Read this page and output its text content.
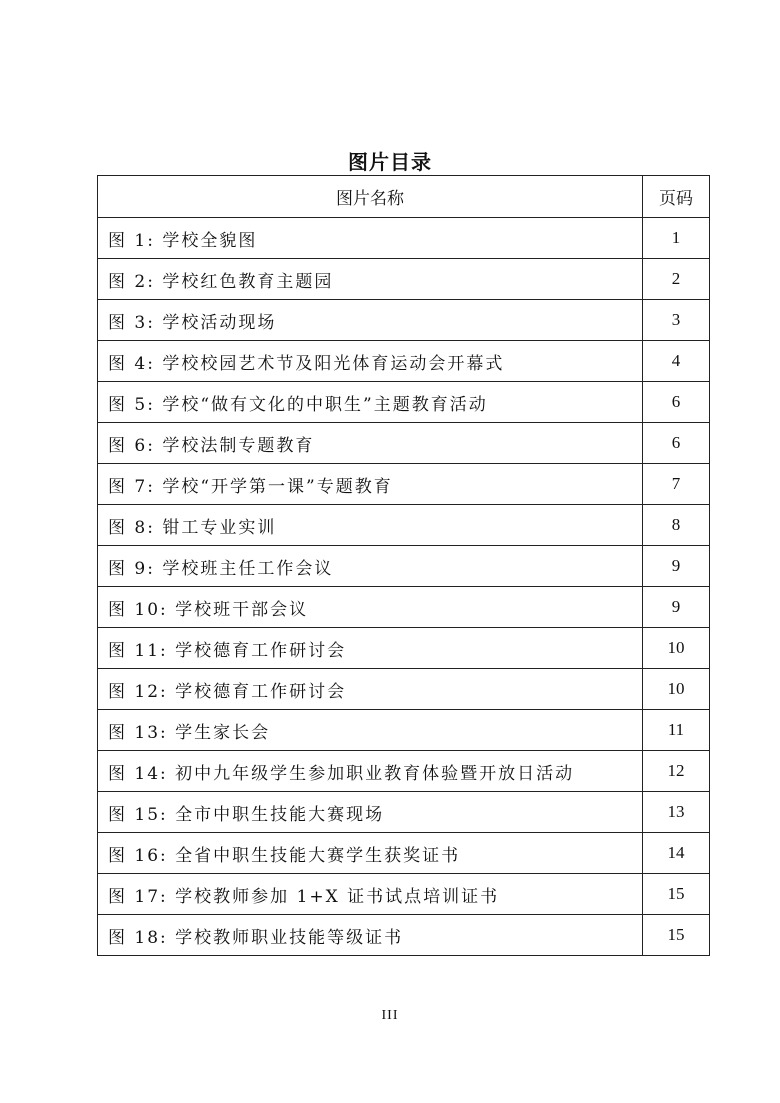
图片目录
图片名称	页码
图 1: 学校全貌图	1
图 2: 学校红色教育主题园	2
图 3: 学校活动现场	3
图 4: 学校校园艺术节及阳光体育运动会开幕式	4
图 5: 学校“做有文化的中职生”主题教育活动	6
图 6: 学校法制专题教育	6
图 7: 学校“开学第一课”专题教育	7
图 8: 钳工专业实训	8
图 9: 学校班主任工作会议	9
图 10: 学校班干部会议	9
图 11: 学校德育工作研讨会	10
图 12: 学校德育工作研讨会	10
图 13: 学生家长会	11
图 14: 初中九年级学生参加职业教育体验暨开放日活动	12
图 15: 全市中职生技能大赛现场	13
图 16: 全省中职生技能大赛学生获奖证书	14
图 17: 学校教师参加 1+X 证书试点培训证书	15
图 18: 学校教师职业技能等级证书	15
III
